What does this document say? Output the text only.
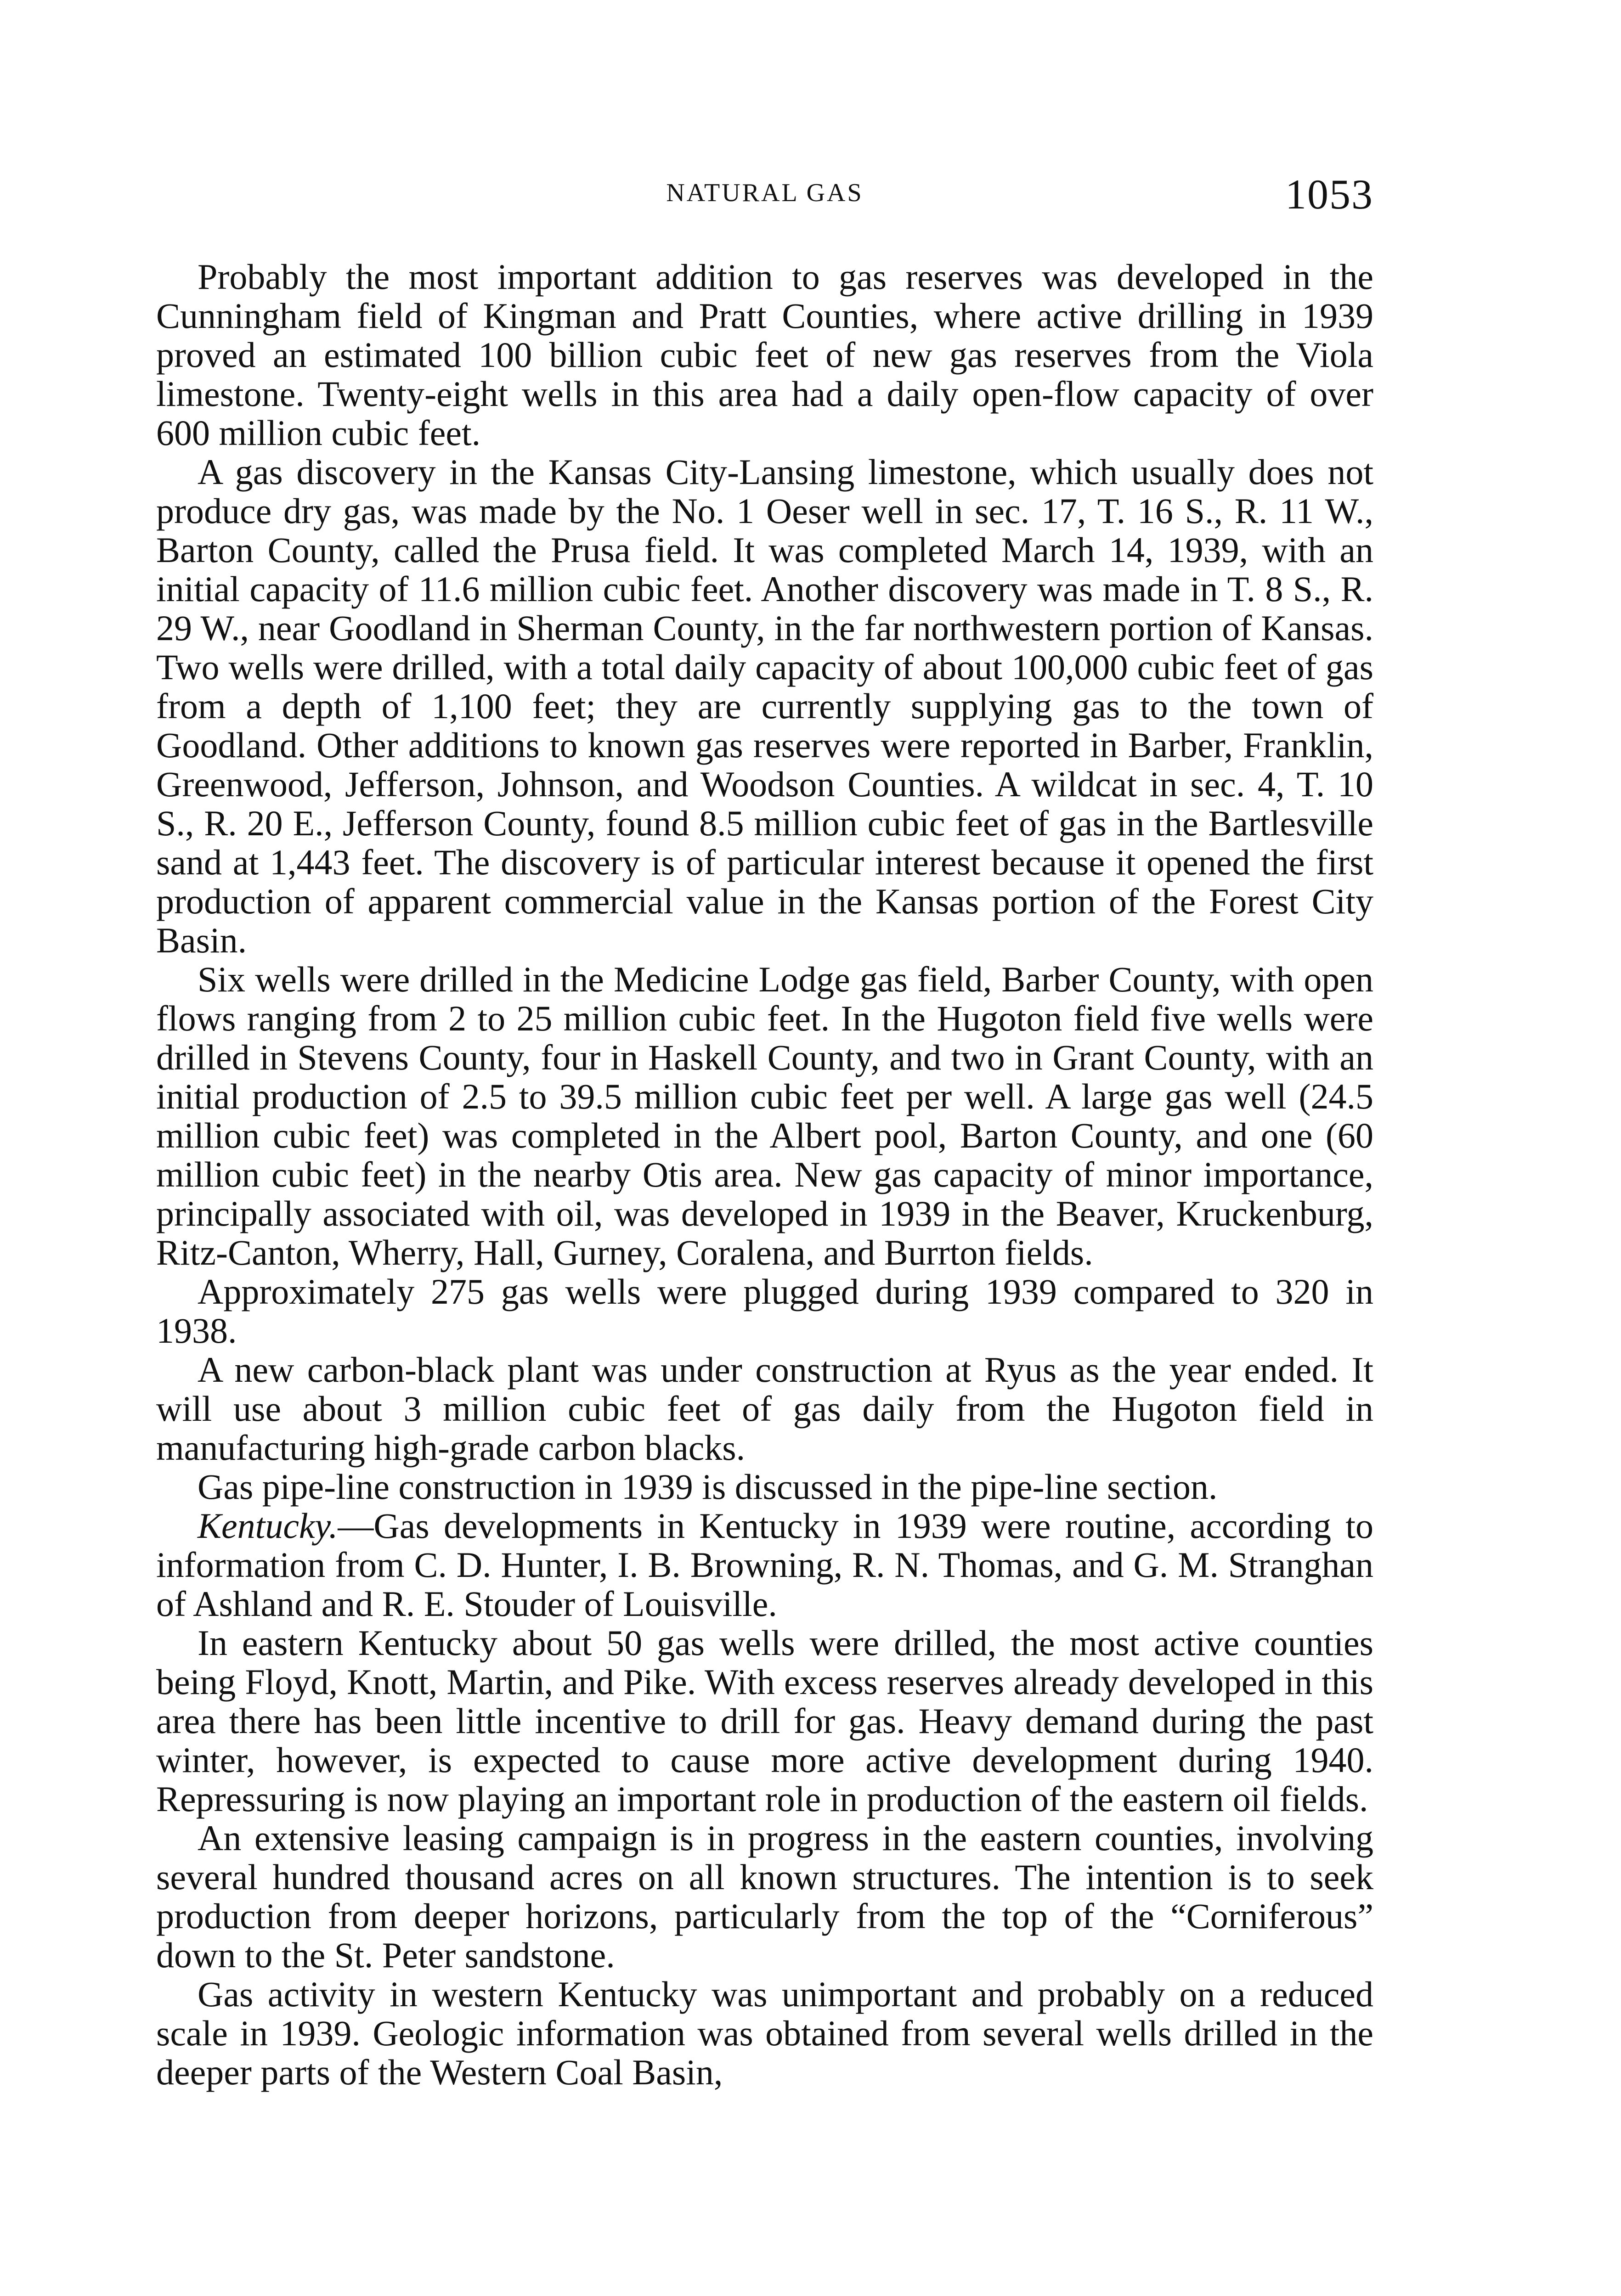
NATURAL GAS	1053

Probably the most important addition to gas reserves was developed in the Cunningham field of Kingman and Pratt Counties, where active drilling in 1939 proved an estimated 100 billion cubic feet of new gas reserves from the Viola limestone. Twenty-eight wells in this area had a daily open-flow capacity of over 600 million cubic feet.

A gas discovery in the Kansas City-Lansing limestone, which usually does not produce dry gas, was made by the No. 1 Oeser well in sec. 17, T. 16 S., R. 11 W., Barton County, called the Prusa field. It was completed March 14, 1939, with an initial capacity of 11.6 million cubic feet. Another discovery was made in T. 8 S., R. 29 W., near Goodland in Sherman County, in the far northwestern portion of Kansas. Two wells were drilled, with a total daily capacity of about 100,000 cubic feet of gas from a depth of 1,100 feet; they are currently supplying gas to the town of Goodland. Other additions to known gas reserves were reported in Barber, Franklin, Greenwood, Jefferson, Johnson, and Woodson Counties. A wildcat in sec. 4, T. 10 S., R. 20 E., Jefferson County, found 8.5 million cubic feet of gas in the Bartlesville sand at 1,443 feet. The discovery is of particular interest because it opened the first production of apparent commercial value in the Kansas portion of the Forest City Basin.

Six wells were drilled in the Medicine Lodge gas field, Barber County, with open flows ranging from 2 to 25 million cubic feet. In the Hugoton field five wells were drilled in Stevens County, four in Haskell County, and two in Grant County, with an initial production of 2.5 to 39.5 million cubic feet per well. A large gas well (24.5 million cubic feet) was completed in the Albert pool, Barton County, and one (60 million cubic feet) in the nearby Otis area. New gas capacity of minor importance, principally associated with oil, was developed in 1939 in the Beaver, Kruckenburg, Ritz-Canton, Wherry, Hall, Gurney, Coralena, and Burrton fields.

Approximately 275 gas wells were plugged during 1939 compared to 320 in 1938.

A new carbon-black plant was under construction at Ryus as the year ended. It will use about 3 million cubic feet of gas daily from the Hugoton field in manufacturing high-grade carbon blacks.

Gas pipe-line construction in 1939 is discussed in the pipe-line section.

Kentucky.—Gas developments in Kentucky in 1939 were routine, according to information from C. D. Hunter, I. B. Browning, R. N. Thomas, and G. M. Stranghan of Ashland and R. E. Stouder of Louisville.

In eastern Kentucky about 50 gas wells were drilled, the most active counties being Floyd, Knott, Martin, and Pike. With excess reserves already developed in this area there has been little incentive to drill for gas. Heavy demand during the past winter, however, is expected to cause more active development during 1940. Repressuring is now playing an important role in production of the eastern oil fields.

An extensive leasing campaign is in progress in the eastern counties, involving several hundred thousand acres on all known structures. The intention is to seek production from deeper horizons, particularly from the top of the “Corniferous” down to the St. Peter sandstone.

Gas activity in western Kentucky was unimportant and probably on a reduced scale in 1939. Geologic information was obtained from several wells drilled in the deeper parts of the Western Coal Basin,
